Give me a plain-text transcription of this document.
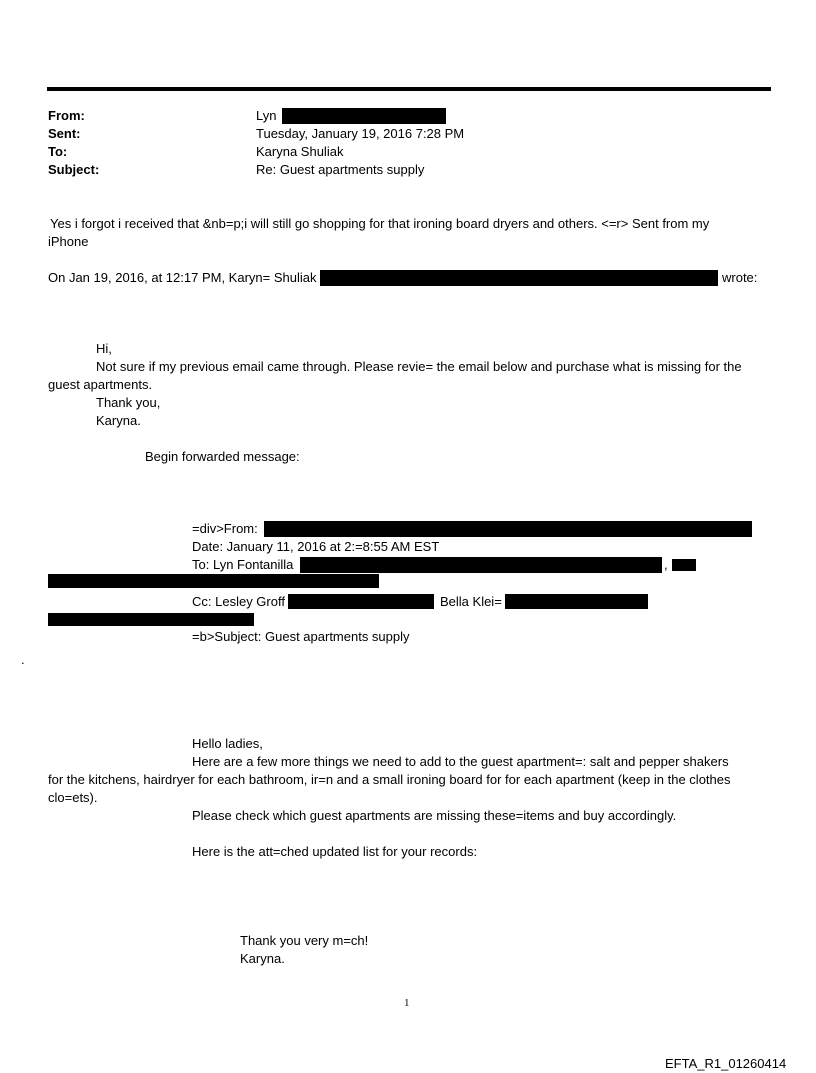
From:	Lyn
Sent:	Tuesday, January 19, 2016 7:28 PM
To:	Karyna Shuliak
Subject:	Re: Guest apartments supply
Yes i forgot i received that &nb=p;i will still go shopping for that ironing board dryers and others. <=r> Sent from my
iPhone
On Jan 19, 2016, at 12:17 PM, Karyn= Shuliak	wrote:
Hi,
Not sure if my previous email came through. Please revie= the email below and purchase what is missing for the
guest apartments.
Thank you,
Karyna.
Begin forwarded message:
=div>From:
Date: January 11, 2016 at 2:=8:55 AM EST
To: Lyn Fontanilla	,
Cc: Lesley Groff	Bella Klei=
=b>Subject: Guest apartments supply
.
Hello ladies,
Here are a few more things we need to add to the guest apartment=: salt and pepper shakers
for the kitchens, hairdryer for each bathroom, ir=n and a small ironing board for for each apartment (keep in the clothes
clo=ets).
Please check which guest apartments are missing these=items and buy accordingly.
Here is the att=ched updated list for your records:
Thank you very m=ch!
Karyna.
1
EFTA_R1_01260414
